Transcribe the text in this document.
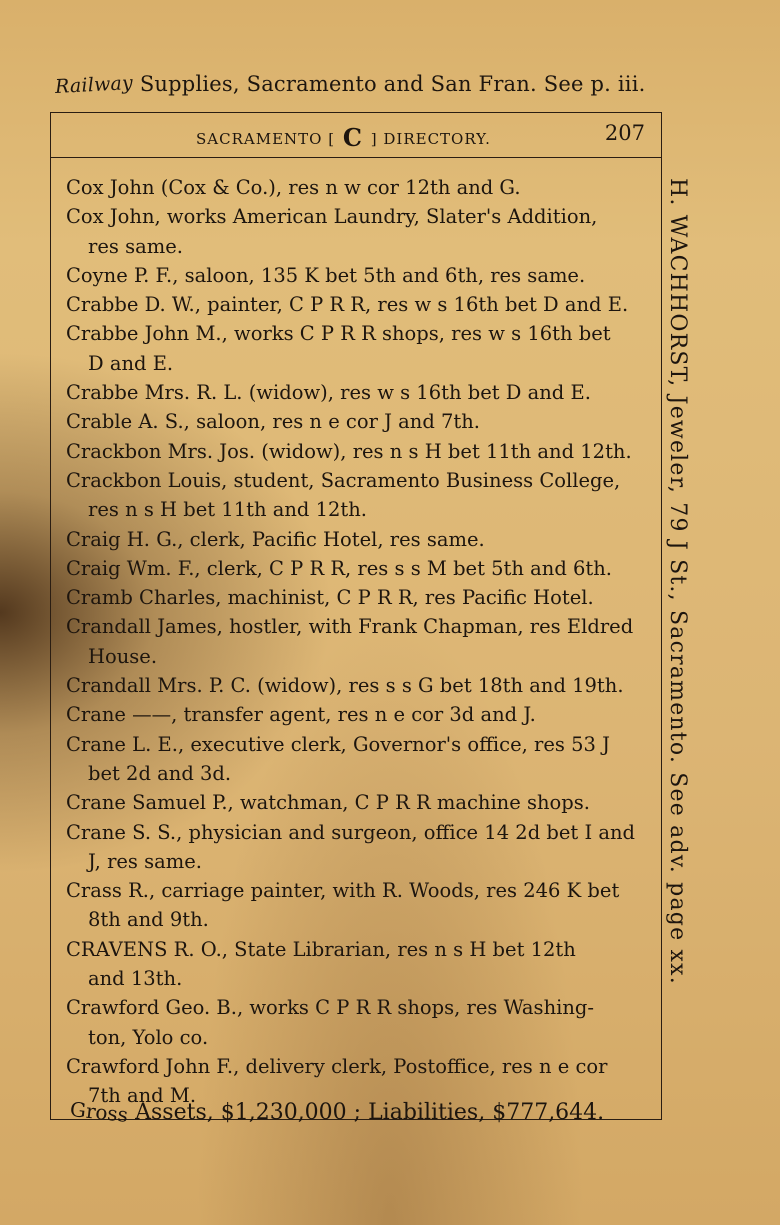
Railway Supplies, Sacramento and San Fran. See p. iii.
SACRAMENTO [ C ] DIRECTORY.	207
Cox John (Cox & Co.), res n w cor 12th and G.
Cox John, works American Laundry, Slater's Addition,
res same.
Coyne P. F., saloon, 135 K bet 5th and 6th, res same.
Crabbe D. W., painter, C P R R, res w s 16th bet D and E.
Crabbe John M., works C P R R shops, res w s 16th bet
D and E.
Crabbe Mrs. R. L. (widow), res w s 16th bet D and E.
Crable A. S., saloon, res n e cor J and 7th.
Crackbon Mrs. Jos. (widow), res n s H bet 11th and 12th.
Crackbon Louis, student, Sacramento Business College,
res n s H bet 11th and 12th.
Craig H. G., clerk, Pacific Hotel, res same.
Craig Wm. F., clerk, C P R R, res s s M bet 5th and 6th.
Cramb Charles, machinist, C P R R, res Pacific Hotel.
Crandall James, hostler, with Frank Chapman, res Eldred
House.
Crandall Mrs. P. C. (widow), res s s G bet 18th and 19th.
Crane ——, transfer agent, res n e cor 3d and J.
Crane L. E., executive clerk, Governor's office, res 53 J
bet 2d and 3d.
Crane Samuel P., watchman, C P R R machine shops.
Crane S. S., physician and surgeon, office 14 2d bet I and
J, res same.
Crass R., carriage painter, with R. Woods, res 246 K bet
8th and 9th.
CRAVENS R. O., State Librarian, res n s H bet 12th
and 13th.
Crawford Geo. B., works C P R R shops, res Washing-
ton, Yolo co.
Crawford John F., delivery clerk, Postoffice, res n e cor
7th and M.
H. WACHHORST, Jeweler, 79 J St., Sacramento. See adv. page xx.
Gross Assets, $1,230,000 ; Liabilities, $777,644.
